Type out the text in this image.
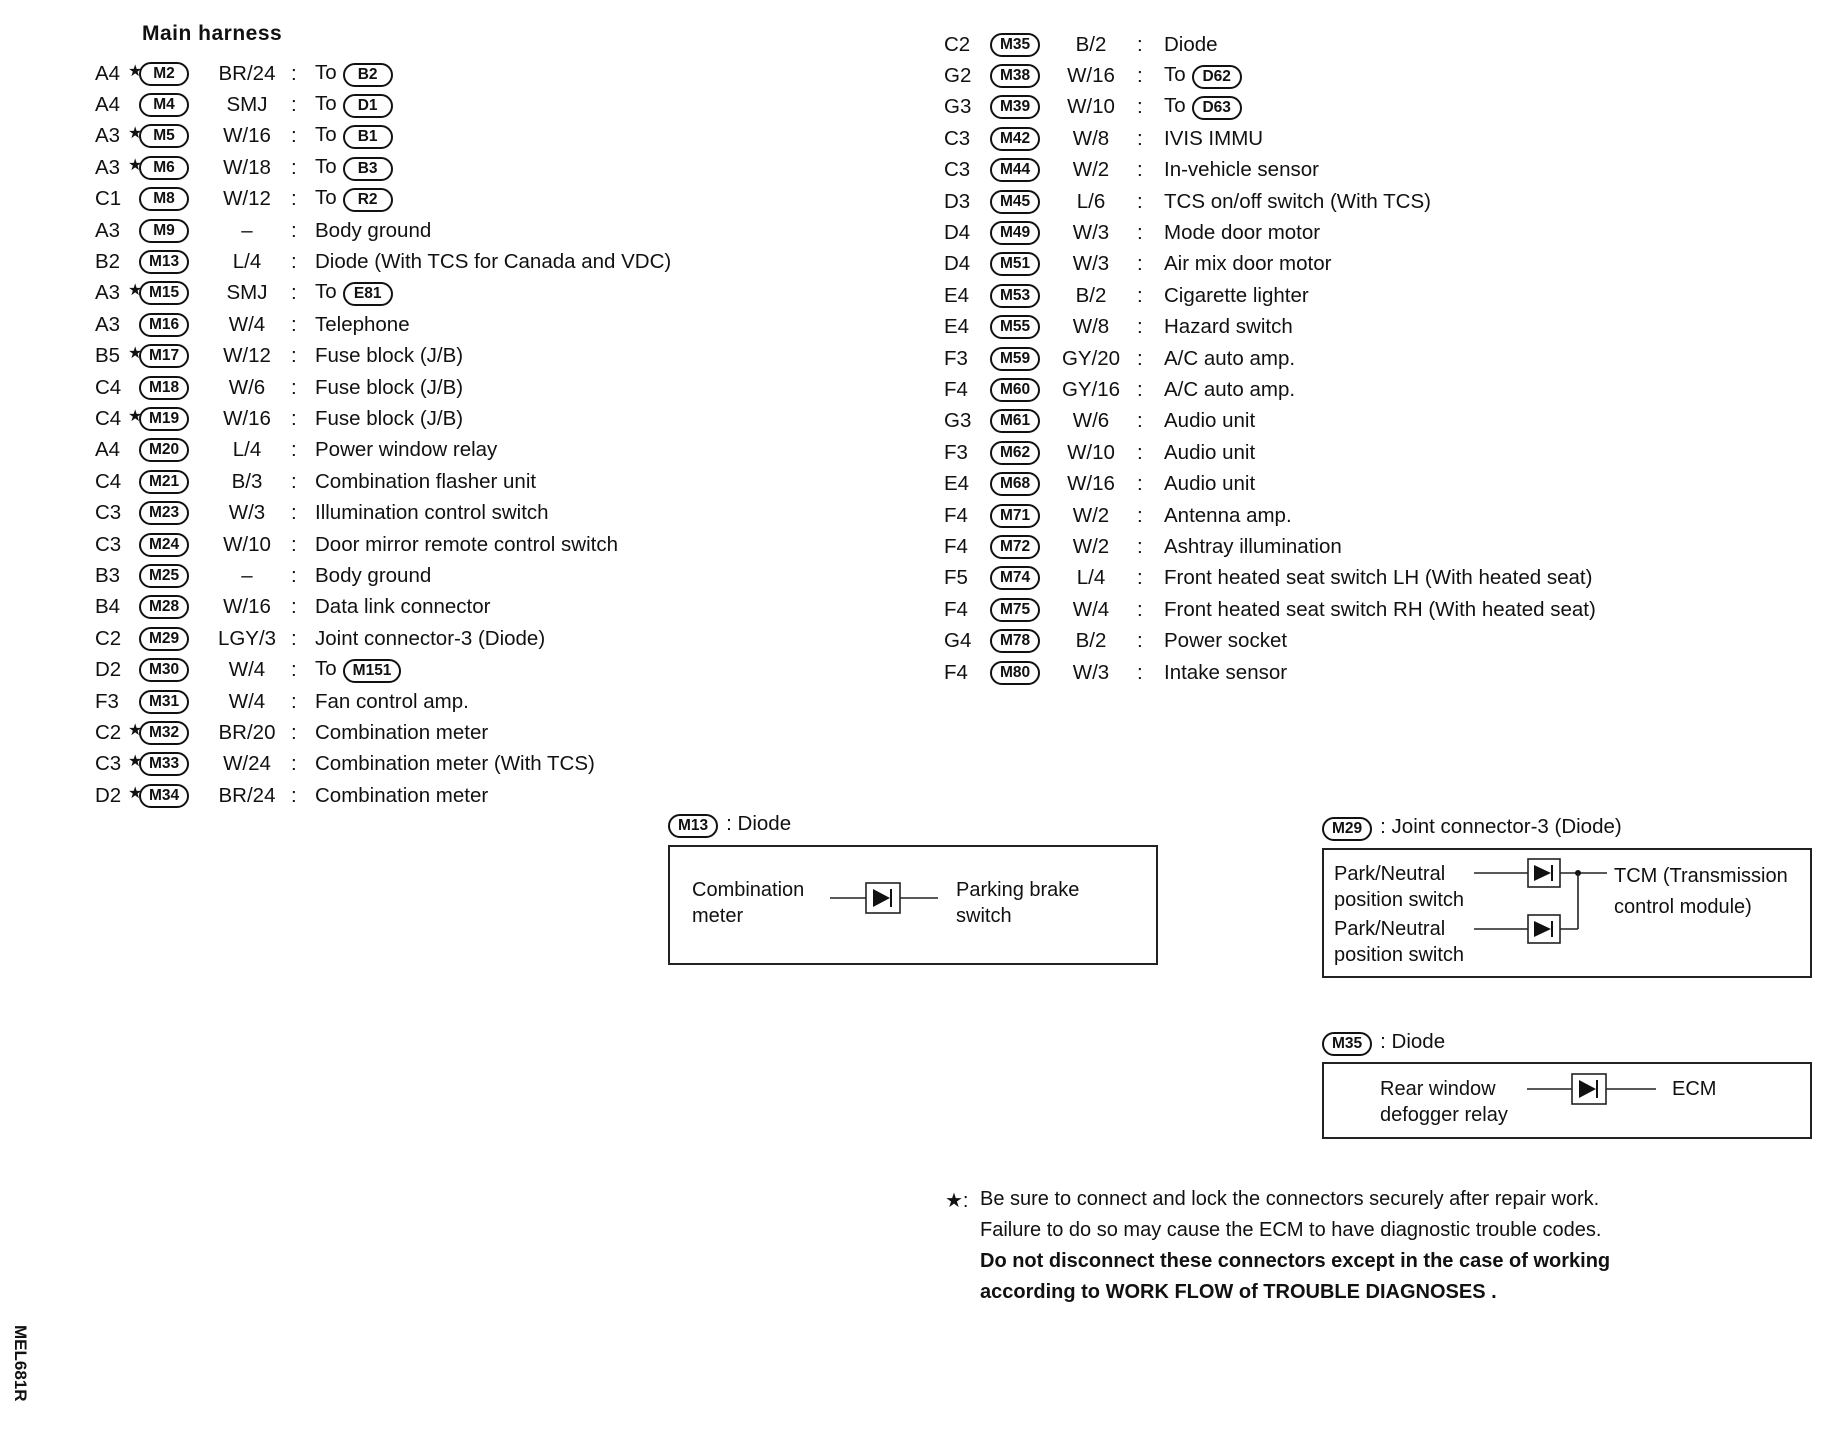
Main harness
A4 ★ M2	BR/24 : To B2
A4	M4	SMJ	: To D1
A3 ★ M5	W/16 : To B1
A3 ★ M6	W/18 : To B3
C1	M8	W/12 : To R2
A3	M9	–	: Body ground
B2	M13	L/4	: Diode (With TCS for Canada and VDC)
A3 ★ M15	SMJ	: To E81
A3	M16	W/4	: Telephone
B5 ★ M17	W/12 : Fuse block (J/B)
C4	M18	W/6	: Fuse block (J/B)
C4 ★ M19	W/16 : Fuse block (J/B)
A4	M20	L/4	: Power window relay
C4	M21	B/3	: Combination flasher unit
C3	M23	W/3	: Illumination control switch
C3	M24	W/10 : Door mirror remote control switch
B3	M25	–	: Body ground
B4	M28	W/16 : Data link connector
C2	M29	LGY/3 : Joint connector-3 (Diode)
D2	M30	W/4	: To M151
F3	M31	W/4	: Fan control amp.
C2 ★ M32	BR/20 : Combination meter
C3 ★ M33	W/24 : Combination meter (With TCS)
D2 ★ M34	BR/24 : Combination meter
C2	M35	B/2	: Diode
G2	M38	W/16	: To D62
G3	M39	W/10	: To D63
C3	M42	W/8	: IVIS IMMU
C3	M44	W/2	: In-vehicle sensor
D3	M45	L/6	: TCS on/off switch (With TCS)
D4	M49	W/3	: Mode door motor
D4	M51	W/3	: Air mix door motor
E4	M53	B/2	: Cigarette lighter
E4	M55	W/8	: Hazard switch
F3	M59	GY/20 : A/C auto amp.
F4	M60	GY/16 : A/C auto amp.
G3	M61	W/6	: Audio unit
F3	M62	W/10	: Audio unit
E4	M68	W/16	: Audio unit
F4	M71	W/2	: Antenna amp.
F4	M72	W/2	: Ashtray illumination
F5	M74	L/4	: Front heated seat switch LH (With heated seat)
F4	M75	W/4	: Front heated seat switch RH (With heated seat)
G4	M78	B/2	: Power socket
F4	M80	W/3	: Intake sensor
M13 : Diode
Combination
meter
Parking brake
switch
M29 : Joint connector-3 (Diode)
Park/Neutral
position switch
Park/Neutral
position switch
TCM (Transmission
control module)
M35 : Diode
Rear window
defogger relay
ECM
★: Be sure to connect and lock the connectors securely after repair work.
Failure to do so may cause the ECM to have diagnostic trouble codes.
Do not disconnect these connectors except in the case of working
according to WORK FLOW of TROUBLE DIAGNOSES .
MEL681R
